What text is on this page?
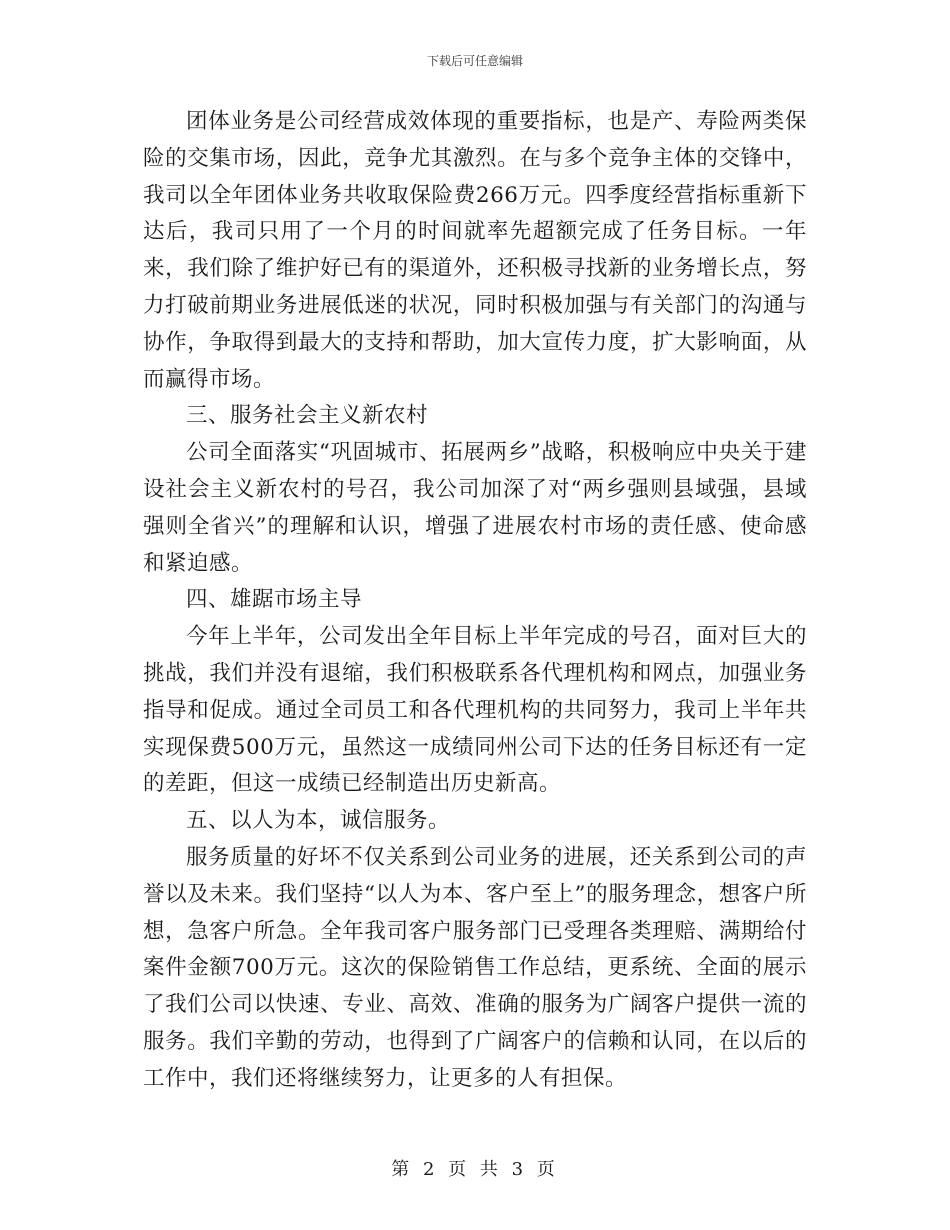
下载后可任意编辑

团体业务是公司经营成效体现的重要指标，也是产、寿险两类保险的交集市场，因此，竞争尤其激烈。在与多个竞争主体的交锋中，我司以全年团体业务共收取保险费266万元。四季度经营指标重新下达后，我司只用了一个月的时间就率先超额完成了任务目标。一年来，我们除了维护好已有的渠道外，还积极寻找新的业务增长点，努力打破前期业务进展低迷的状况，同时积极加强与有关部门的沟通与协作，争取得到最大的支持和帮助，加大宣传力度，扩大影响面，从而赢得市场。

三、服务社会主义新农村

公司全面落实“巩固城市、拓展两乡”战略，积极响应中央关于建设社会主义新农村的号召，我公司加深了对“两乡强则县域强，县域强则全省兴”的理解和认识，增强了进展农村市场的责任感、使命感和紧迫感。

四、雄踞市场主导

今年上半年，公司发出全年目标上半年完成的号召，面对巨大的挑战，我们并没有退缩，我们积极联系各代理机构和网点，加强业务指导和促成。通过全司员工和各代理机构的共同努力，我司上半年共实现保费500万元，虽然这一成绩同州公司下达的任务目标还有一定的差距，但这一成绩已经制造出历史新高。

五、以人为本，诚信服务。

服务质量的好坏不仅关系到公司业务的进展，还关系到公司的声誉以及未来。我们坚持“以人为本、客户至上”的服务理念，想客户所想，急客户所急。全年我司客户服务部门已受理各类理赔、满期给付案件金额700万元。这次的保险销售工作总结，更系统、全面的展示了我们公司以快速、专业、高效、准确的服务为广阔客户提供一流的服务。我们辛勤的劳动，也得到了广阔客户的信赖和认同，在以后的工作中，我们还将继续努力，让更多的人有担保。

第 2 页 共 3 页
